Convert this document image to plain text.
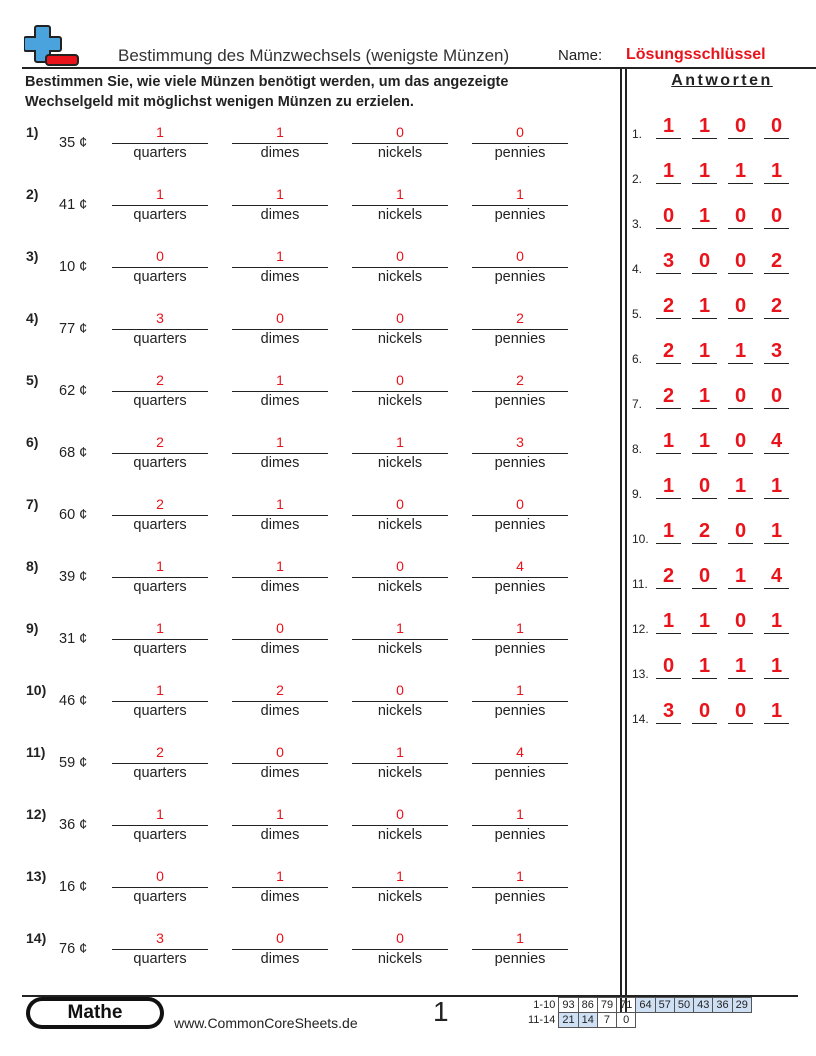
Bestimmung des Münzwechsels (wenigste Münzen)	Name: Lösungsschlüssel
Bestimmen Sie, wie viele Münzen benötigt werden, um das angezeigte Wechselgeld mit möglichst wenigen Münzen zu erzielen.
1)
35 ¢
1
quarters
1
dimes
0
nickels
0
pennies
2)
41 ¢
1
quarters
1
dimes
1
nickels
1
pennies
3)
10 ¢
0
quarters
1
dimes
0
nickels
0
pennies
4)
77 ¢
3
quarters
0
dimes
0
nickels
2
pennies
5)
62 ¢
2
quarters
1
dimes
0
nickels
2
pennies
6)
68 ¢
2
quarters
1
dimes
1
nickels
3
pennies
7)
60 ¢
2
quarters
1
dimes
0
nickels
0
pennies
8)
39 ¢
1
quarters
1
dimes
0
nickels
4
pennies
9)
31 ¢
1
quarters
0
dimes
1
nickels
1
pennies
10)
46 ¢
1
quarters
2
dimes
0
nickels
1
pennies
11)
59 ¢
2
quarters
0
dimes
1
nickels
4
pennies
12)
36 ¢
1
quarters
1
dimes
0
nickels
1
pennies
13)
16 ¢
0
quarters
1
dimes
1
nickels
1
pennies
14)
76 ¢
3
quarters
0
dimes
0
nickels
1
pennies
Antworten
1.	1	1	0	0
2.	1	1	1	1
3.	0	1	0	0
4.	3	0	0	2
5.	2	1	0	2
6.	2	1	1	3
7.	2	1	0	0
8.	1	1	0	4
9.	1	0	1	1
10. 1	2	0	1
11. 2	0	1	4
12. 1	1	0	1
13. 0	1	1	1
14. 3	0	0	1
Mathe	www.CommonCoreSheets.de	1	1-10	93	86	79	71	64	57	50	43	36	29
11-14	21	14	7	0						
